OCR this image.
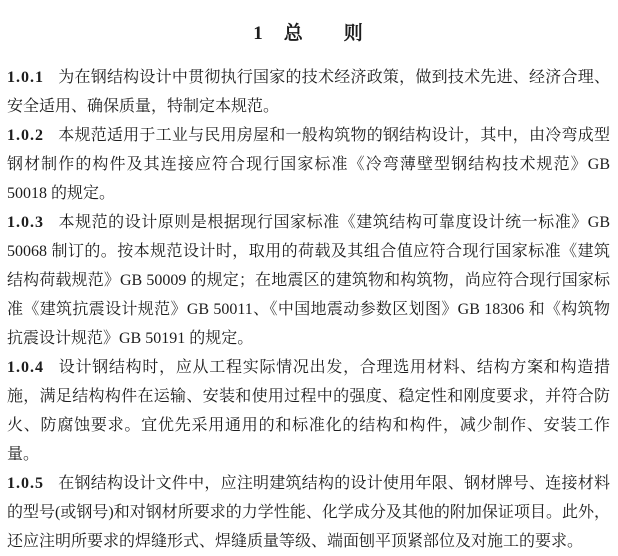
1　总　　则

1.0.1 为在钢结构设计中贯彻执行国家的技术经济政策，做到技术先进、经济合理、安全适用、确保质量，特制定本规范。

1.0.2 本规范适用于工业与民用房屋和一般构筑物的钢结构设计，其中，由冷弯成型钢材制作的构件及其连接应符合现行国家标准《冷弯薄壁型钢结构技术规范》GB 50018 的规定。

1.0.3 本规范的设计原则是根据现行国家标准《建筑结构可靠度设计统一标准》GB 50068 制订的。按本规范设计时，取用的荷载及其组合值应符合现行国家标准《建筑结构荷载规范》GB 50009 的规定；在地震区的建筑物和构筑物，尚应符合现行国家标准《建筑抗震设计规范》GB 50011、《中国地震动参数区划图》GB 18306 和《构筑物抗震设计规范》GB 50191 的规定。

1.0.4 设计钢结构时，应从工程实际情况出发，合理选用材料、结构方案和构造措施，满足结构构件在运输、安装和使用过程中的强度、稳定性和刚度要求，并符合防火、防腐蚀要求。宜优先采用通用的和标准化的结构和构件，减少制作、安装工作量。

1.0.5 在钢结构设计文件中，应注明建筑结构的设计使用年限、钢材牌号、连接材料的型号(或钢号)和对钢材所要求的力学性能、化学成分及其他的附加保证项目。此外，还应注明所要求的焊缝形式、焊缝质量等级、端面刨平顶紧部位及对施工的要求。
